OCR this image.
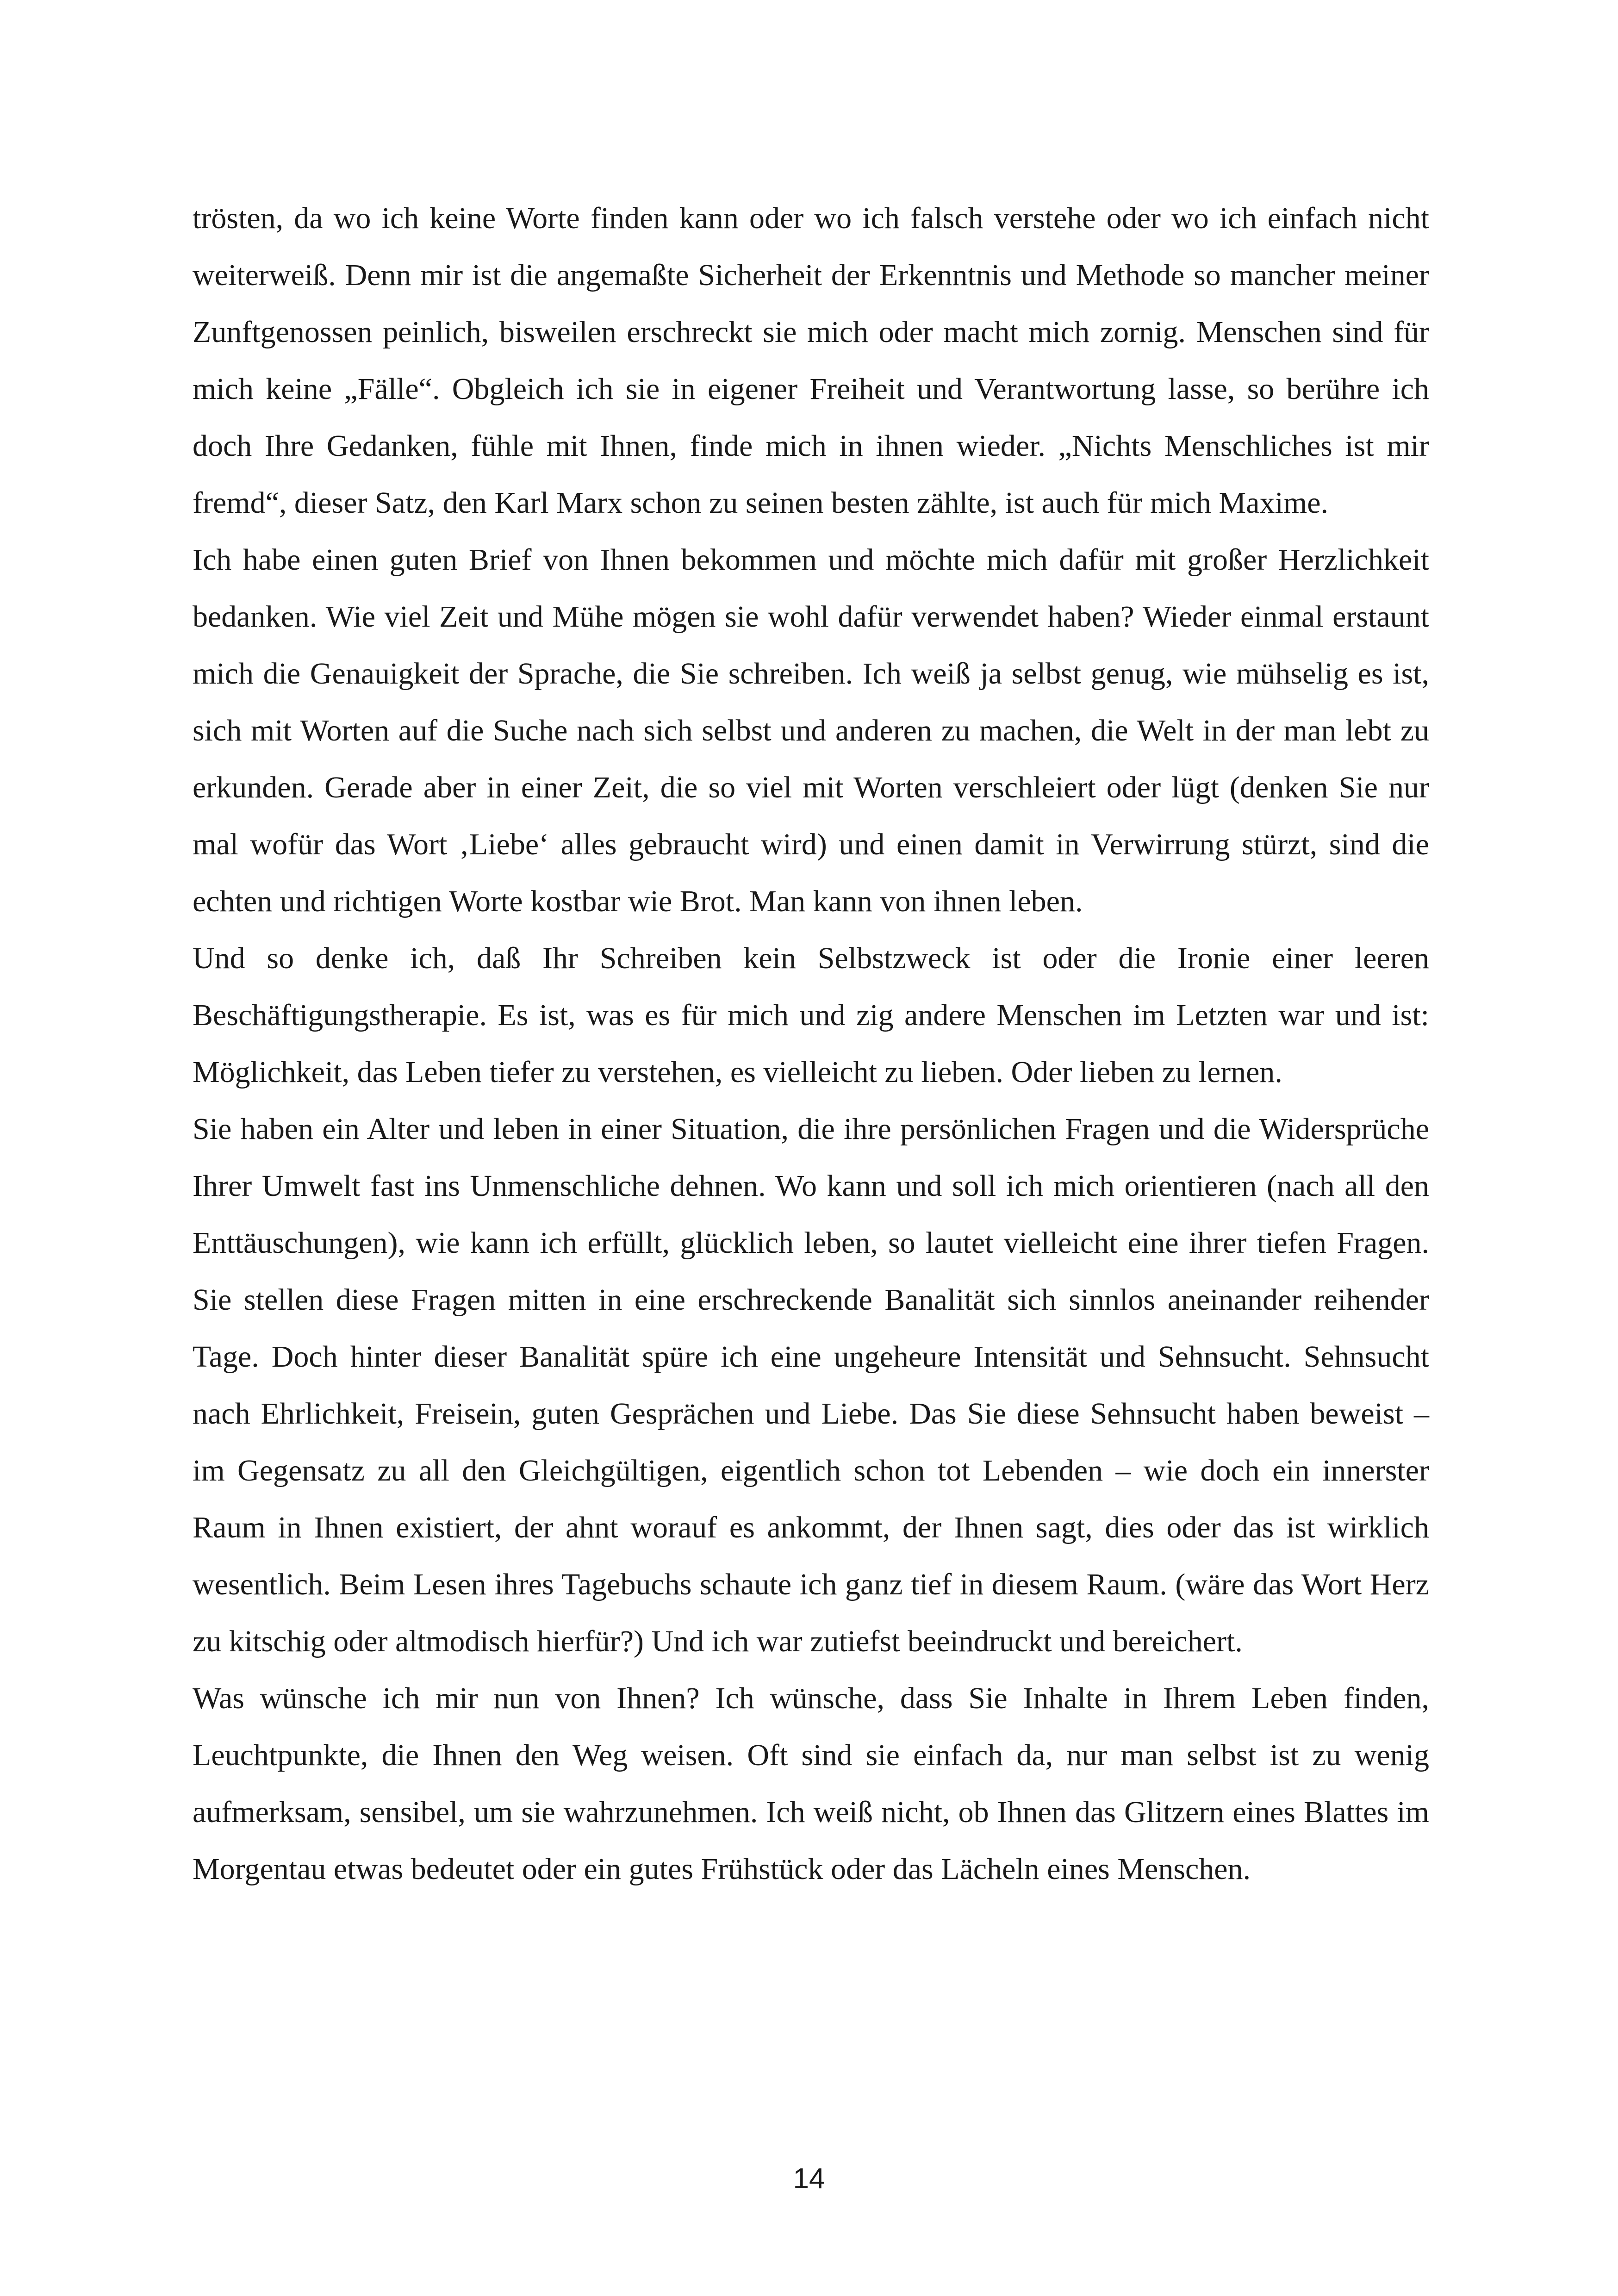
trösten, da wo ich keine Worte finden kann oder wo ich falsch verstehe oder wo ich einfach nicht weiterweiß. Denn mir ist die angemaßte Sicherheit der Erkenntnis und Methode so mancher meiner Zunftgenossen peinlich, bisweilen erschreckt sie mich oder macht mich zornig. Menschen sind für mich keine „Fälle“. Obgleich ich sie in eigener Freiheit und Verantwortung lasse, so berühre ich doch Ihre Gedanken, fühle mit Ihnen, finde mich in ihnen wieder. „Nichts Menschliches ist mir fremd“, dieser Satz, den Karl Marx schon zu seinen besten zählte, ist auch für mich Maxime.

Ich habe einen guten Brief von Ihnen bekommen und möchte mich dafür mit großer Herzlichkeit bedanken. Wie viel Zeit und Mühe mögen sie wohl dafür verwendet haben? Wieder einmal erstaunt mich die Genauigkeit der Sprache, die Sie schreiben. Ich weiß ja selbst genug, wie mühselig es ist, sich mit Worten auf die Suche nach sich selbst und anderen zu machen, die Welt in der man lebt zu erkunden. Gerade aber in einer Zeit, die so viel mit Worten verschleiert oder lügt (denken Sie nur mal wofür das Wort ‚Liebe‘ alles gebraucht wird) und einen damit in Verwirrung stürzt, sind die echten und richtigen Worte kostbar wie Brot. Man kann von ihnen leben.

Und so denke ich, daß Ihr Schreiben kein Selbstzweck ist oder die Ironie einer leeren Beschäftigungstherapie. Es ist, was es für mich und zig andere Menschen im Letzten war und ist: Möglichkeit, das Leben tiefer zu verstehen, es vielleicht zu lieben. Oder lieben zu lernen.

Sie haben ein Alter und leben in einer Situation, die ihre persönlichen Fragen und die Widersprüche Ihrer Umwelt fast ins Unmenschliche dehnen. Wo kann und soll ich mich orientieren (nach all den Enttäuschungen), wie kann ich erfüllt, glücklich leben, so lautet vielleicht eine ihrer tiefen Fragen. Sie stellen diese Fragen mitten in eine erschreckende Banalität sich sinnlos aneinander reihender Tage. Doch hinter dieser Banalität spüre ich eine ungeheure Intensität und Sehnsucht. Sehnsucht nach Ehrlichkeit, Freisein, guten Gesprächen und Liebe. Das Sie diese Sehnsucht haben beweist – im Gegensatz zu all den Gleichgültigen, eigentlich schon tot Lebenden – wie doch ein innerster Raum in Ihnen existiert, der ahnt worauf es ankommt, der Ihnen sagt, dies oder das ist wirklich wesentlich. Beim Lesen ihres Tagebuchs schaute ich ganz tief in diesem Raum. (wäre das Wort Herz zu kitschig oder altmodisch hierfür?) Und ich war zutiefst beeindruckt und bereichert.

Was wünsche ich mir nun von Ihnen? Ich wünsche, dass Sie Inhalte in Ihrem Leben finden, Leuchtpunkte, die Ihnen den Weg weisen. Oft sind sie einfach da, nur man selbst ist zu wenig aufmerksam, sensibel, um sie wahrzunehmen. Ich weiß nicht, ob Ihnen das Glitzern eines Blattes im Morgentau etwas bedeutet oder ein gutes Frühstück oder das Lächeln eines Menschen.

14
